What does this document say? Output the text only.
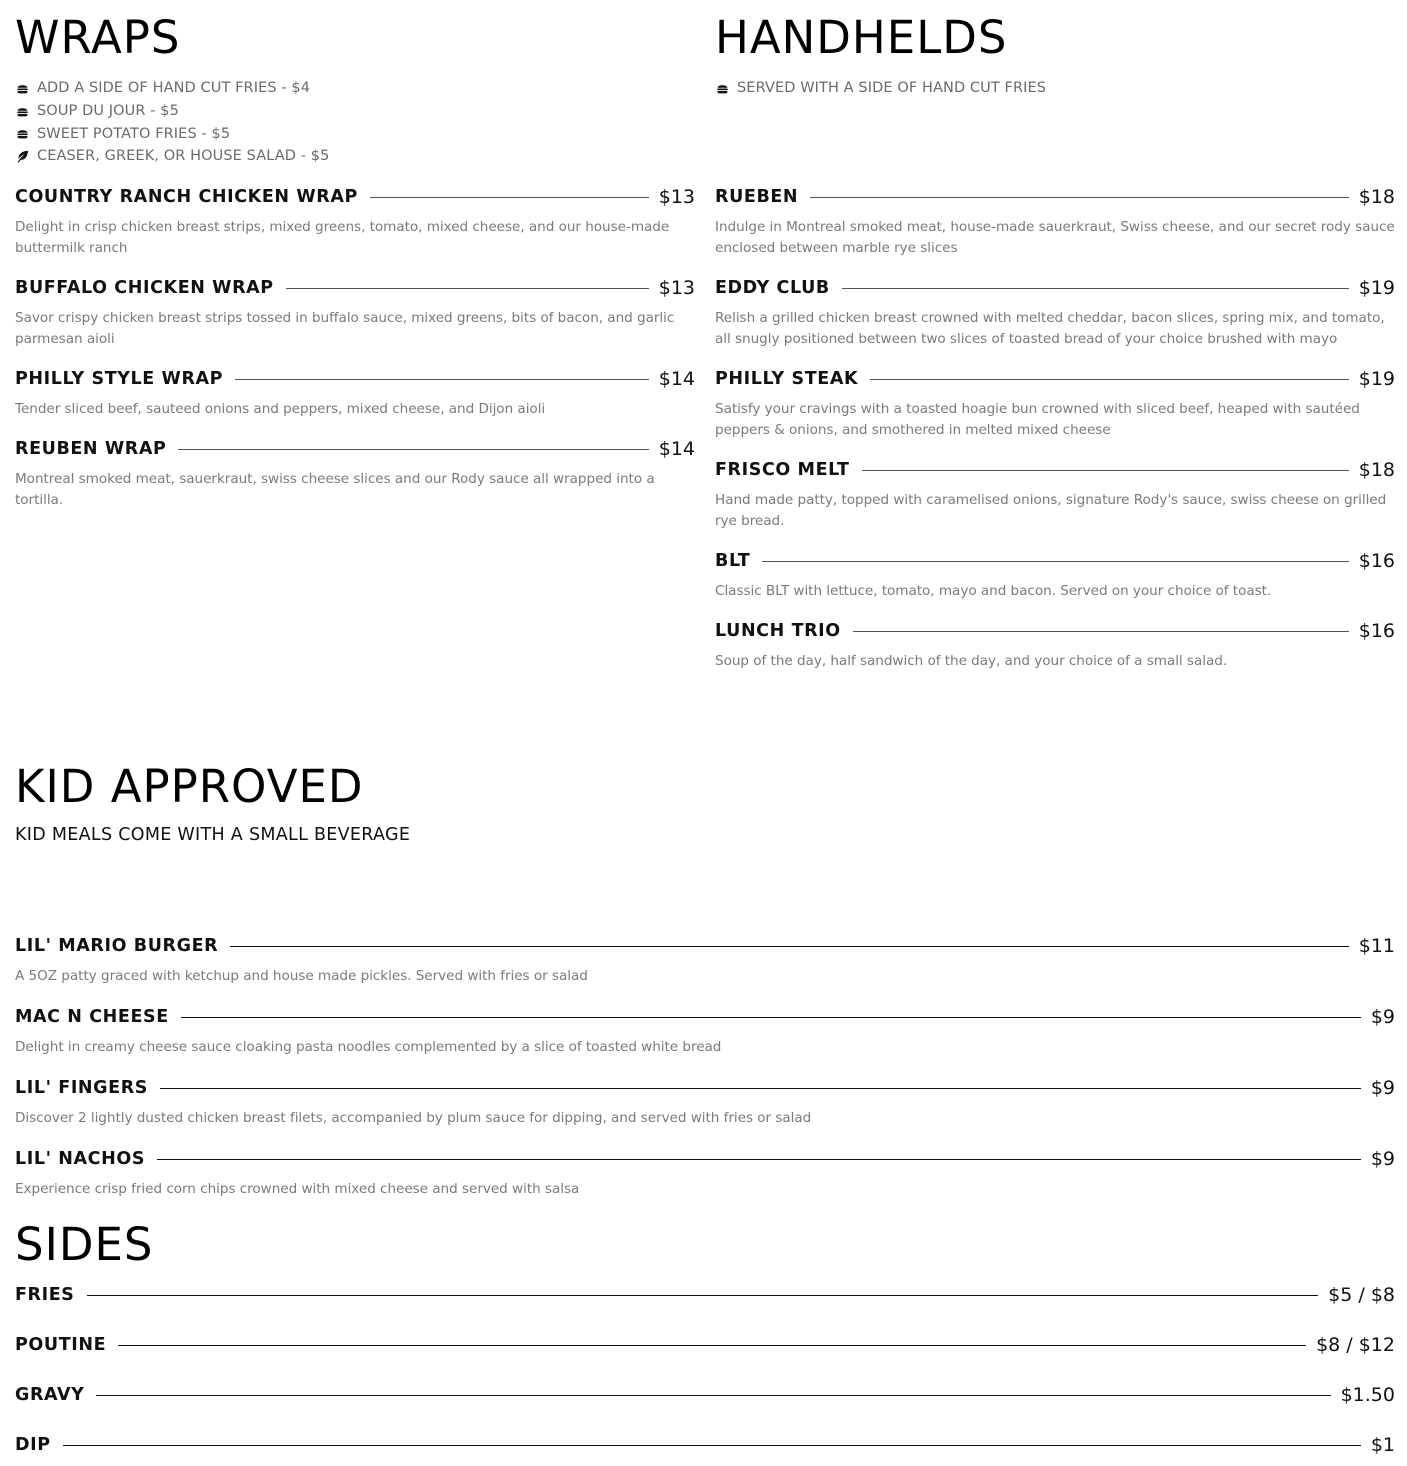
WRAPS
ADD A SIDE OF HAND CUT FRIES - $4
SOUP DU JOUR - $5
SWEET POTATO FRIES - $5
CEASER, GREEK, OR HOUSE SALAD - $5
COUNTRY RANCH CHICKEN WRAP	$13

Delight in crisp chicken breast strips, mixed greens, tomato, mixed cheese, and our house-made buttermilk ranch

BUFFALO CHICKEN WRAP	$13

Savor crispy chicken breast strips tossed in buffalo sauce, mixed greens, bits of bacon, and garlic parmesan aioli

PHILLY STYLE WRAP	$14

Tender sliced beef, sauteed onions and peppers, mixed cheese, and Dijon aioli

REUBEN WRAP	$14

Montreal smoked meat, sauerkraut, swiss cheese slices and our Rody sauce all wrapped into a tortilla.

HANDHELDS
SERVED WITH A SIDE OF HAND CUT FRIES
RUEBEN	$18

Indulge in Montreal smoked meat, house-made sauerkraut, Swiss cheese, and our secret rody sauce enclosed between marble rye slices

EDDY CLUB	$19

Relish a grilled chicken breast crowned with melted cheddar, bacon slices, spring mix, and tomato, all snugly positioned between two slices of toasted bread of your choice brushed with mayo

PHILLY STEAK	$19

Satisfy your cravings with a toasted hoagie bun crowned with sliced beef, heaped with sautéed peppers & onions, and smothered in melted mixed cheese

FRISCO MELT	$18

Hand made patty, topped with caramelised onions, signature Rody's sauce, swiss cheese on grilled rye bread.

BLT	$16

Classic BLT with lettuce, tomato, mayo and bacon. Served on your choice of toast.

LUNCH TRIO	$16

Soup of the day, half sandwich of the day, and your choice of a small salad.

KID APPROVED

KID MEALS COME WITH A SMALL BEVERAGE

LIL' MARIO BURGER	$11

A 5OZ patty graced with ketchup and house made pickles. Served with fries or salad

MAC N CHEESE	$9

Delight in creamy cheese sauce cloaking pasta noodles complemented by a slice of toasted white bread

LIL' FINGERS	$9

Discover 2 lightly dusted chicken breast filets, accompanied by plum sauce for dipping, and served with fries or salad

LIL' NACHOS	$9

Experience crisp fried corn chips crowned with mixed cheese and served with salsa

SIDES
FRIES	$5 / $8
POUTINE	$8 / $12
GRAVY	$1.50
DIP	$1
